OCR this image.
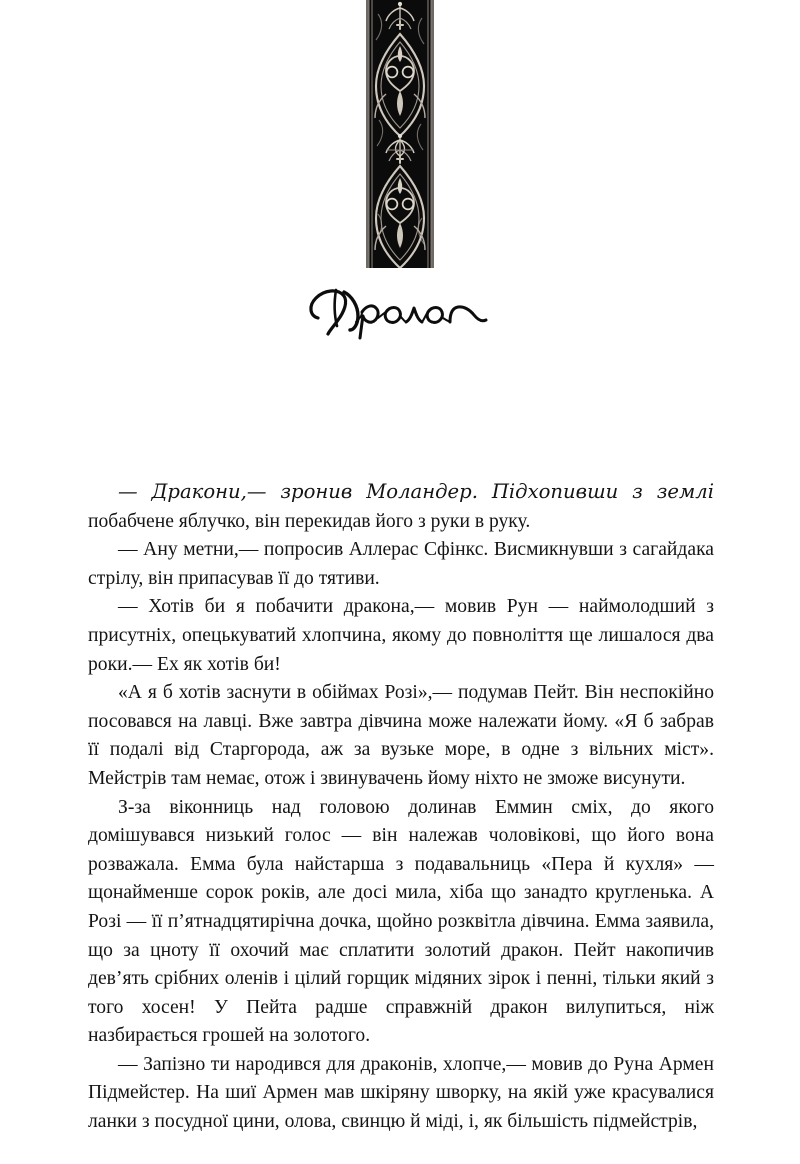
— Дракони,— зронив Моландер. Підхопивши з землі побабчене яблучко, він перекидав його з руки в руку.

— Ану метни,— попросив Аллерас Сфінкс. Висмикнувши з сагайдака стрілу, він припасував її до тятиви.

— Хотів би я побачити дракона,— мовив Рун — наймолодший з присутніх, опецькуватий хлопчина, якому до повноліття ще лишалося два роки.— Ех як хотів би!

«А я б хотів заснути в обіймах Розі»,— подумав Пейт. Він неспокійно посовався на лавці. Вже завтра дівчина може належати йому. «Я б забрав її подалі від Старгорода, аж за вузьке море, в одне з вільних міст». Мейстрів там немає, отож і звинувачень йому ніхто не зможе висунути.

З-за віконниць над головою долинав Еммин сміх, до якого домішувався низький голос — він належав чоловікові, що його вона розважала. Емма була найстарша з подавальниць «Пера й кухля» — щонайменше сорок років, але досі мила, хіба що занадто кругленька. А Розі — її п’ятнадцятирічна дочка, щойно розквітла дівчина. Емма заявила, що за цноту її охочий має сплатити золотий дракон. Пейт накопичив дев’ять срібних оленів і цілий горщик мідяних зірок і пенні, тільки який з того хосен! У Пейта радше справжній дракон вилупиться, ніж назбирається грошей на золотого.

— Запізно ти народився для драконів, хлопче,— мовив до Руна Армен Підмейстер. На шиї Армен мав шкіряну шворку, на якій уже красувалися ланки з посудної цини, олова, свинцю й міді, і, як більшість підмейстрів,
